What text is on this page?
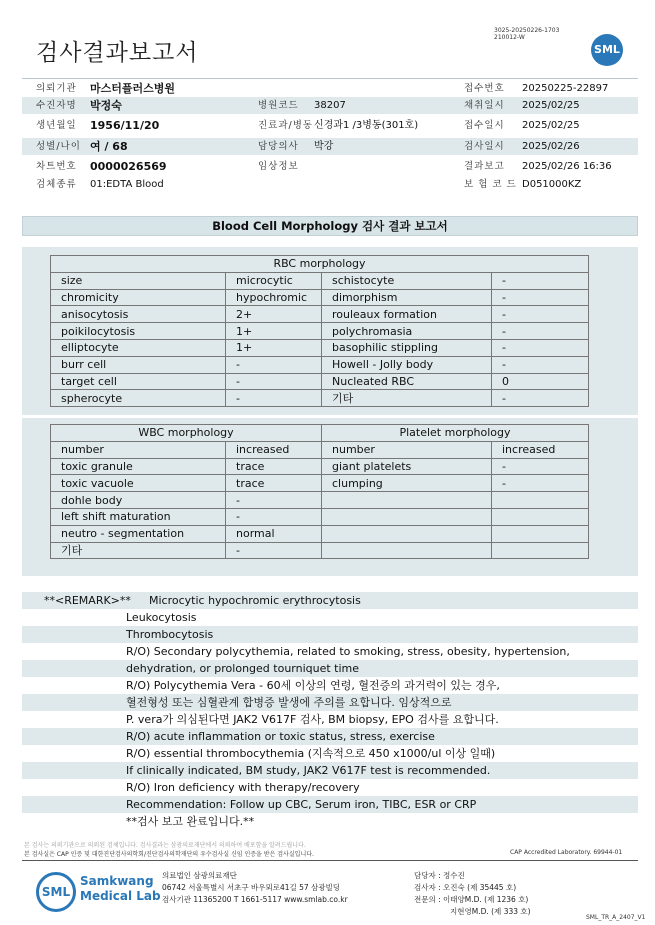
3025-20250226-1703
210012-W
검사결과보고서	SML
의뢰기관 마스터플러스병원	접수번호 20250225-22897
수진자명 박정숙	병원코드 38207	채취일시 2025/02/25
생년월일 1956/11/20	진료과/병동 신경과1 /3병동(301호)	접수일시 2025/02/25
성별/나이 여 / 68	담당의사 박강	검사일시 2025/02/26
차트번호 0000026569	임상정보	결과보고 2025/02/26 16:36
검체종류 01:EDTA Blood	보 험 코 드 D051000KZ
Blood Cell Morphology 검사 결과 보고서
RBC morphology			
size	microcytic	schistocyte	-
chromicity	hypochromic	dimorphism	-
anisocytosis	2+	rouleaux formation	-
poikilocytosis	1+	polychromasia	-
elliptocyte	1+	basophilic stippling	-
burr cell	-	Howell - Jolly body	-
target cell	-	Nucleated RBC	0
spherocyte	-	기타	-
WBC morphology		Platelet morphology	
number	increased	number	increased
toxic granule	trace	giant platelets	-
toxic vacuole	trace	clumping	-
dohle body	-		
left shift maturation	-		
neutro - segmentation	normal		
기타	-		
**<REMARK>** Microcytic hypochromic erythrocytosis
Leukocytosis
Thrombocytosis
R/O) Secondary polycythemia, related to smoking, stress, obesity, hypertension,
dehydration, or prolonged tourniquet time
R/O) Polycythemia Vera - 60세 이상의 연령, 혈전증의 과거력이 있는 경우,
혈전형성 또는 심혈관계 합병증 발생에 주의를 요합니다. 임상적으로
P. vera가 의심된다면 JAK2 V617F 검사, BM biopsy, EPO 검사를 요합니다.
R/O) acute inflammation or toxic status, stress, exercise
R/O) essential thrombocythemia (지속적으로 450 x1000/ul 이상 일때)
If clinically indicated, BM study, JAK2 V617F test is recommended.
R/O) Iron deficiency with therapy/recovery
Recommendation: Follow up CBC, Serum iron, TIBC, ESR or CRP
**검사 보고 완료입니다.**
본 검사는 의뢰기관으로 의뢰된 검체입니다. 검사결과는 삼광의료재단에서 의뢰하여 배포함을 알려드립니다.
본 검사실은 CAP 인증 및 대한진단검사의학회/진단검사의학재단의 우수검사실 신임 인증을 받은 검사실입니다.	CAP Accredited Laboratory. 69944-01
SML
Samkwang
Medical Lab
의료법인 삼광의료재단
06742 서울특별시 서초구 바우뫼로41길 57 삼광빌딩
검사기관 11365200 T 1661-5117 www.smlab.co.kr
담당자 : 정수진
검사자 : 오진숙 (제 35445 호)
전문의 : 이태양M.D. (제 1236 호)
지현영M.D. (제 333 호)
SML_TR_A_2407_V1
